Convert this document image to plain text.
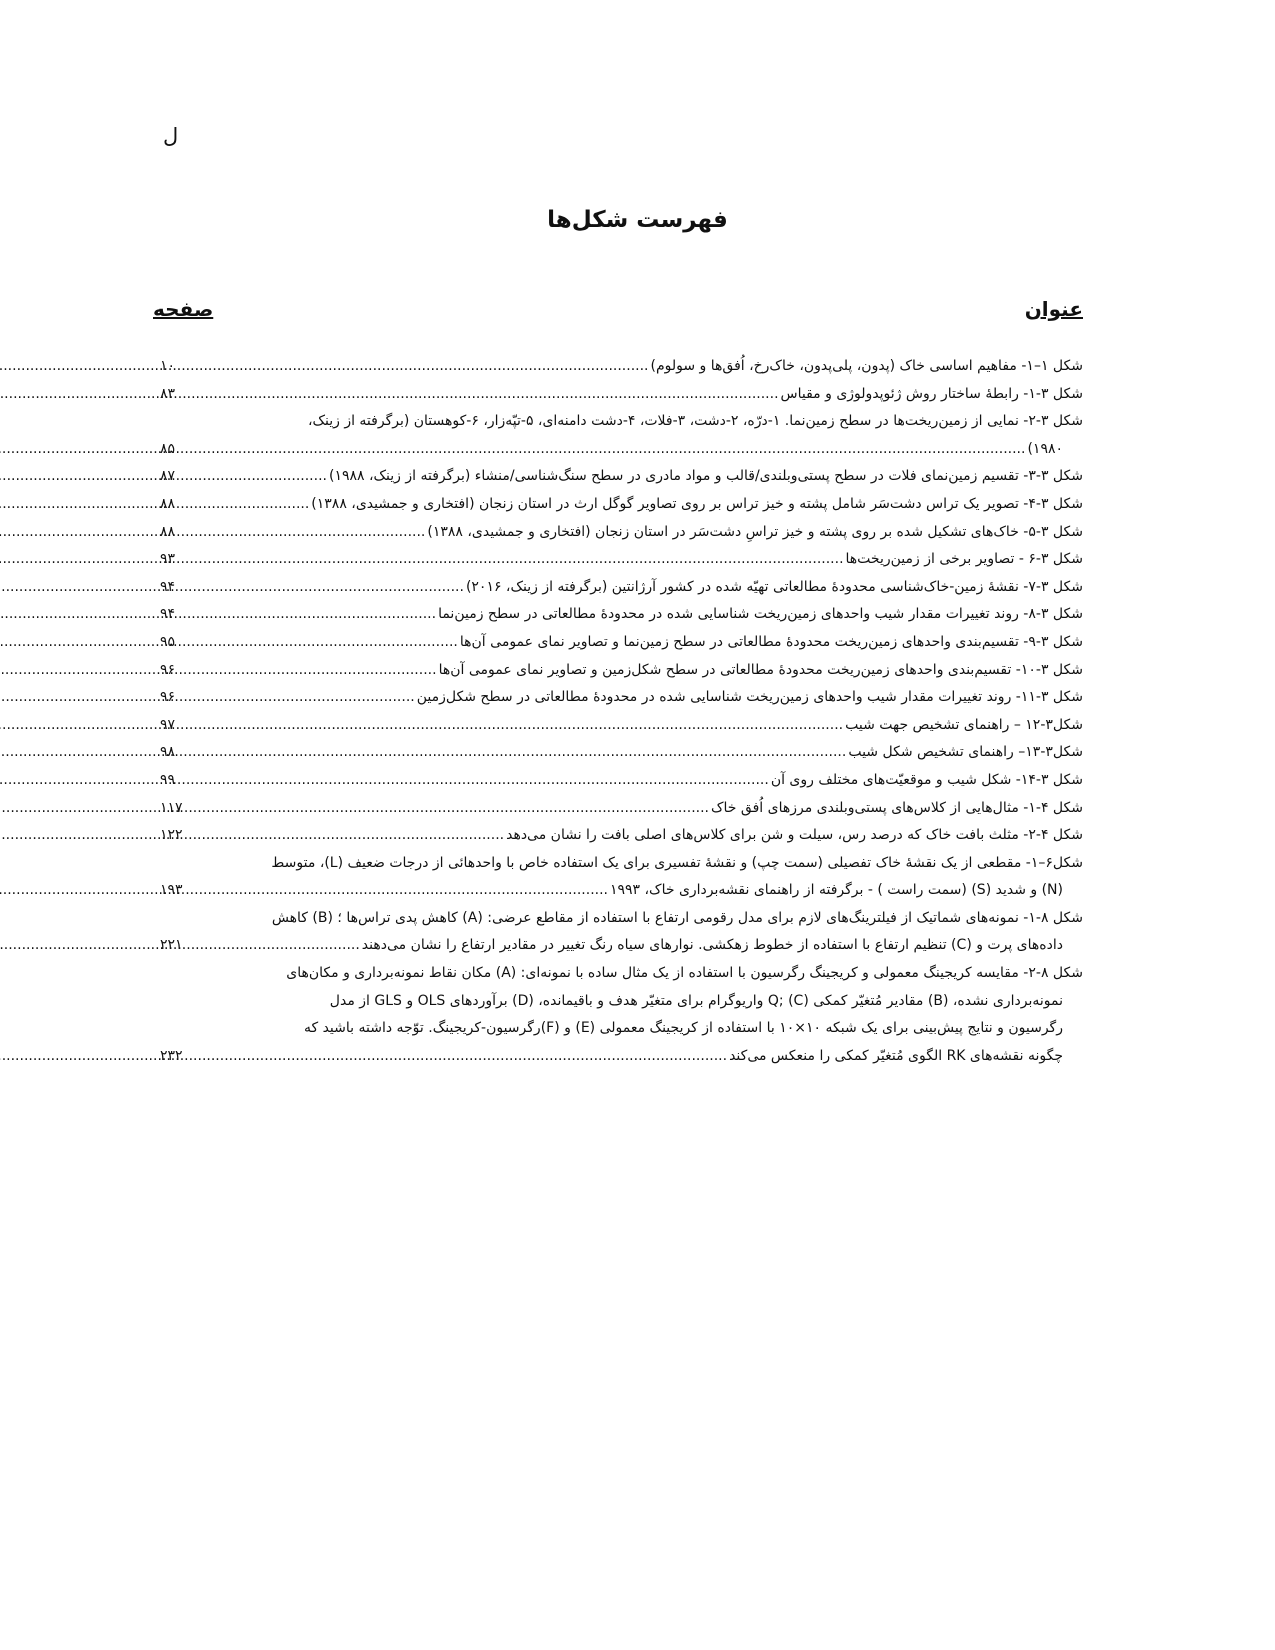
ل
فهرست شکل‌ها
عنوان
صفحه
شکل ۱–۱- مفاهیم اساسی خاک (پدون، پلی‌پدون، خاک‌رخ، اُفق‌ها و سولوم)
.....
۱۰
شکل ۳-۱- رابطهٔ ساختار روش ژئوپدولوژی و مقیاس
.....
۸۳
شکل ۳-۲- نمایی از زمین‌ریخت‌ها در سطح زمین‌نما. ۱-درّه، ۲-دشت، ۳-فلات، ۴-دشت دامنه‌ای، ۵-تپّه‌زار، ۶-کوهستان (برگرفته از زینک،
۱۹۸۰)
.....
۸۵
شکل ۳-۳- تقسیم زمین‌نمای فلات در سطح پستی‌وبلندی/قالب و مواد مادری در سطح سنگ‌شناسی/منشاء (برگرفته از زینک، ۱۹۸۸)
.....
۸۷
شکل ۳-۴- تصویر یک تراس دشت‌سَر شامل پشته و خیز تراس بر روی تصاویر گوگل ارث در استان زنجان (افتخاری و جمشیدی، ۱۳۸۸)
.....
۸۸
شکل ۳-۵- خاک‌های تشکیل شده بر روی پشته و خیز تراسِ دشت‌سَر در استان زنجان (افتخاری و جمشیدی، ۱۳۸۸)
.....
۸۸
شکل ۳-۶ - تصاویر برخی از زمین‌ریخت‌ها
.....
۹۳
شکل ۳-۷- نقشهٔ زمین-خاک‌شناسی محدودهٔ مطالعاتی تهیّه شده در کشور آرژانتین (برگرفته از زینک، ۲۰۱۶)
.....
۹۴
شکل ۳-۸- روند تغییرات مقدار شیب واحدهای زمین‌ریخت شناسایی شده در محدودهٔ مطالعاتی در سطح زمین‌نما
.....
۹۴
شکل ۳-۹- تقسیم‌بندی واحدهای زمین‌ریخت محدودهٔ مطالعاتی در سطح زمین‌نما و تصاویر نمای عمومی آن‌ها
.....
۹۵
شکل ۳-۱۰- تقسیم‌بندی واحدهای زمین‌ریخت محدودهٔ مطالعاتی در سطح شکل‌زمین و تصاویر نمای عمومی آن‌ها
.....
۹۶
شکل ۳-۱۱- روند تغییرات مقدار شیب واحدهای زمین‌ریخت شناسایی شده در محدودهٔ مطالعاتی در سطح شکل‌زمین
.....
۹۶
شکل۳-۱۲ – راهنمای تشخیص جهت شیب
.....
۹۷
شکل۳-۱۳– راهنمای تشخیص شکل شیب
.....
۹۸
شکل ۳-۱۴- شکل شیب و موقعیّت‌های مختلف روی آن
.....
۹۹
شکل ۴-۱- مثال‌هایی از کلاس‌های پستی‌وبلندی مرزهای اُفق خاک
.....
۱۱۷
شکل ۴-۲- مثلث بافت خاک که درصد رس، سیلت و شن برای کلاس‌های اصلی بافت را نشان می‌دهد
.....
۱۲۲
شکل۶–۱- مقطعی از یک نقشهٔ خاک تفصیلی (سمت چپ) و نقشهٔ تفسیری برای یک استفاده خاص با واحدهائی از درجات ضعیف (L)، متوسط
(N) و شدید (S) (سمت راست ) - برگرفته از راهنمای نقشه‌برداری خاک، ۱۹۹۳
.....
۱۹۳
شکل ۸-۱- نمونه‌های شماتیک از فیلترینگ‌های لازم برای مدل رقومی ارتفاع با استفاده از مقاطع عرضی: (A) کاهش پدی تراس‌ها ؛ (B) کاهش
داده‌های پرت و (C) تنظیم ارتفاع با استفاده از خطوط زهکشی. نوارهای سیاه رنگ تغییر در مقادیر ارتفاع را نشان می‌دهند
.....
۲۲۱
شکل ۸-۲- مقایسه کریجینگ معمولی و کریجینگ رگرسیون با استفاده از یک مثال ساده با نمونه‌ای: (A) مکان نقاط نمونه‌برداری و مکان‌های
نمونه‌برداری نشده، (B) مقادیر مُتغیّر کمکی Q; (C) واریوگرام برای متغیّر هدف و باقیمانده، (D) برآوردهای OLS و GLS از مدل
رگرسیون و نتایج پیش‌بینی برای یک شبکه ۱۰×۱۰ با استفاده از کریجینگ معمولی (E) و (F)رگرسیون-کریجینگ. توّجه داشته باشید که
چگونه نقشه‌های RK الگوی مُتغیّر کمکی را منعکس می‌کند
.....
۲۳۲
